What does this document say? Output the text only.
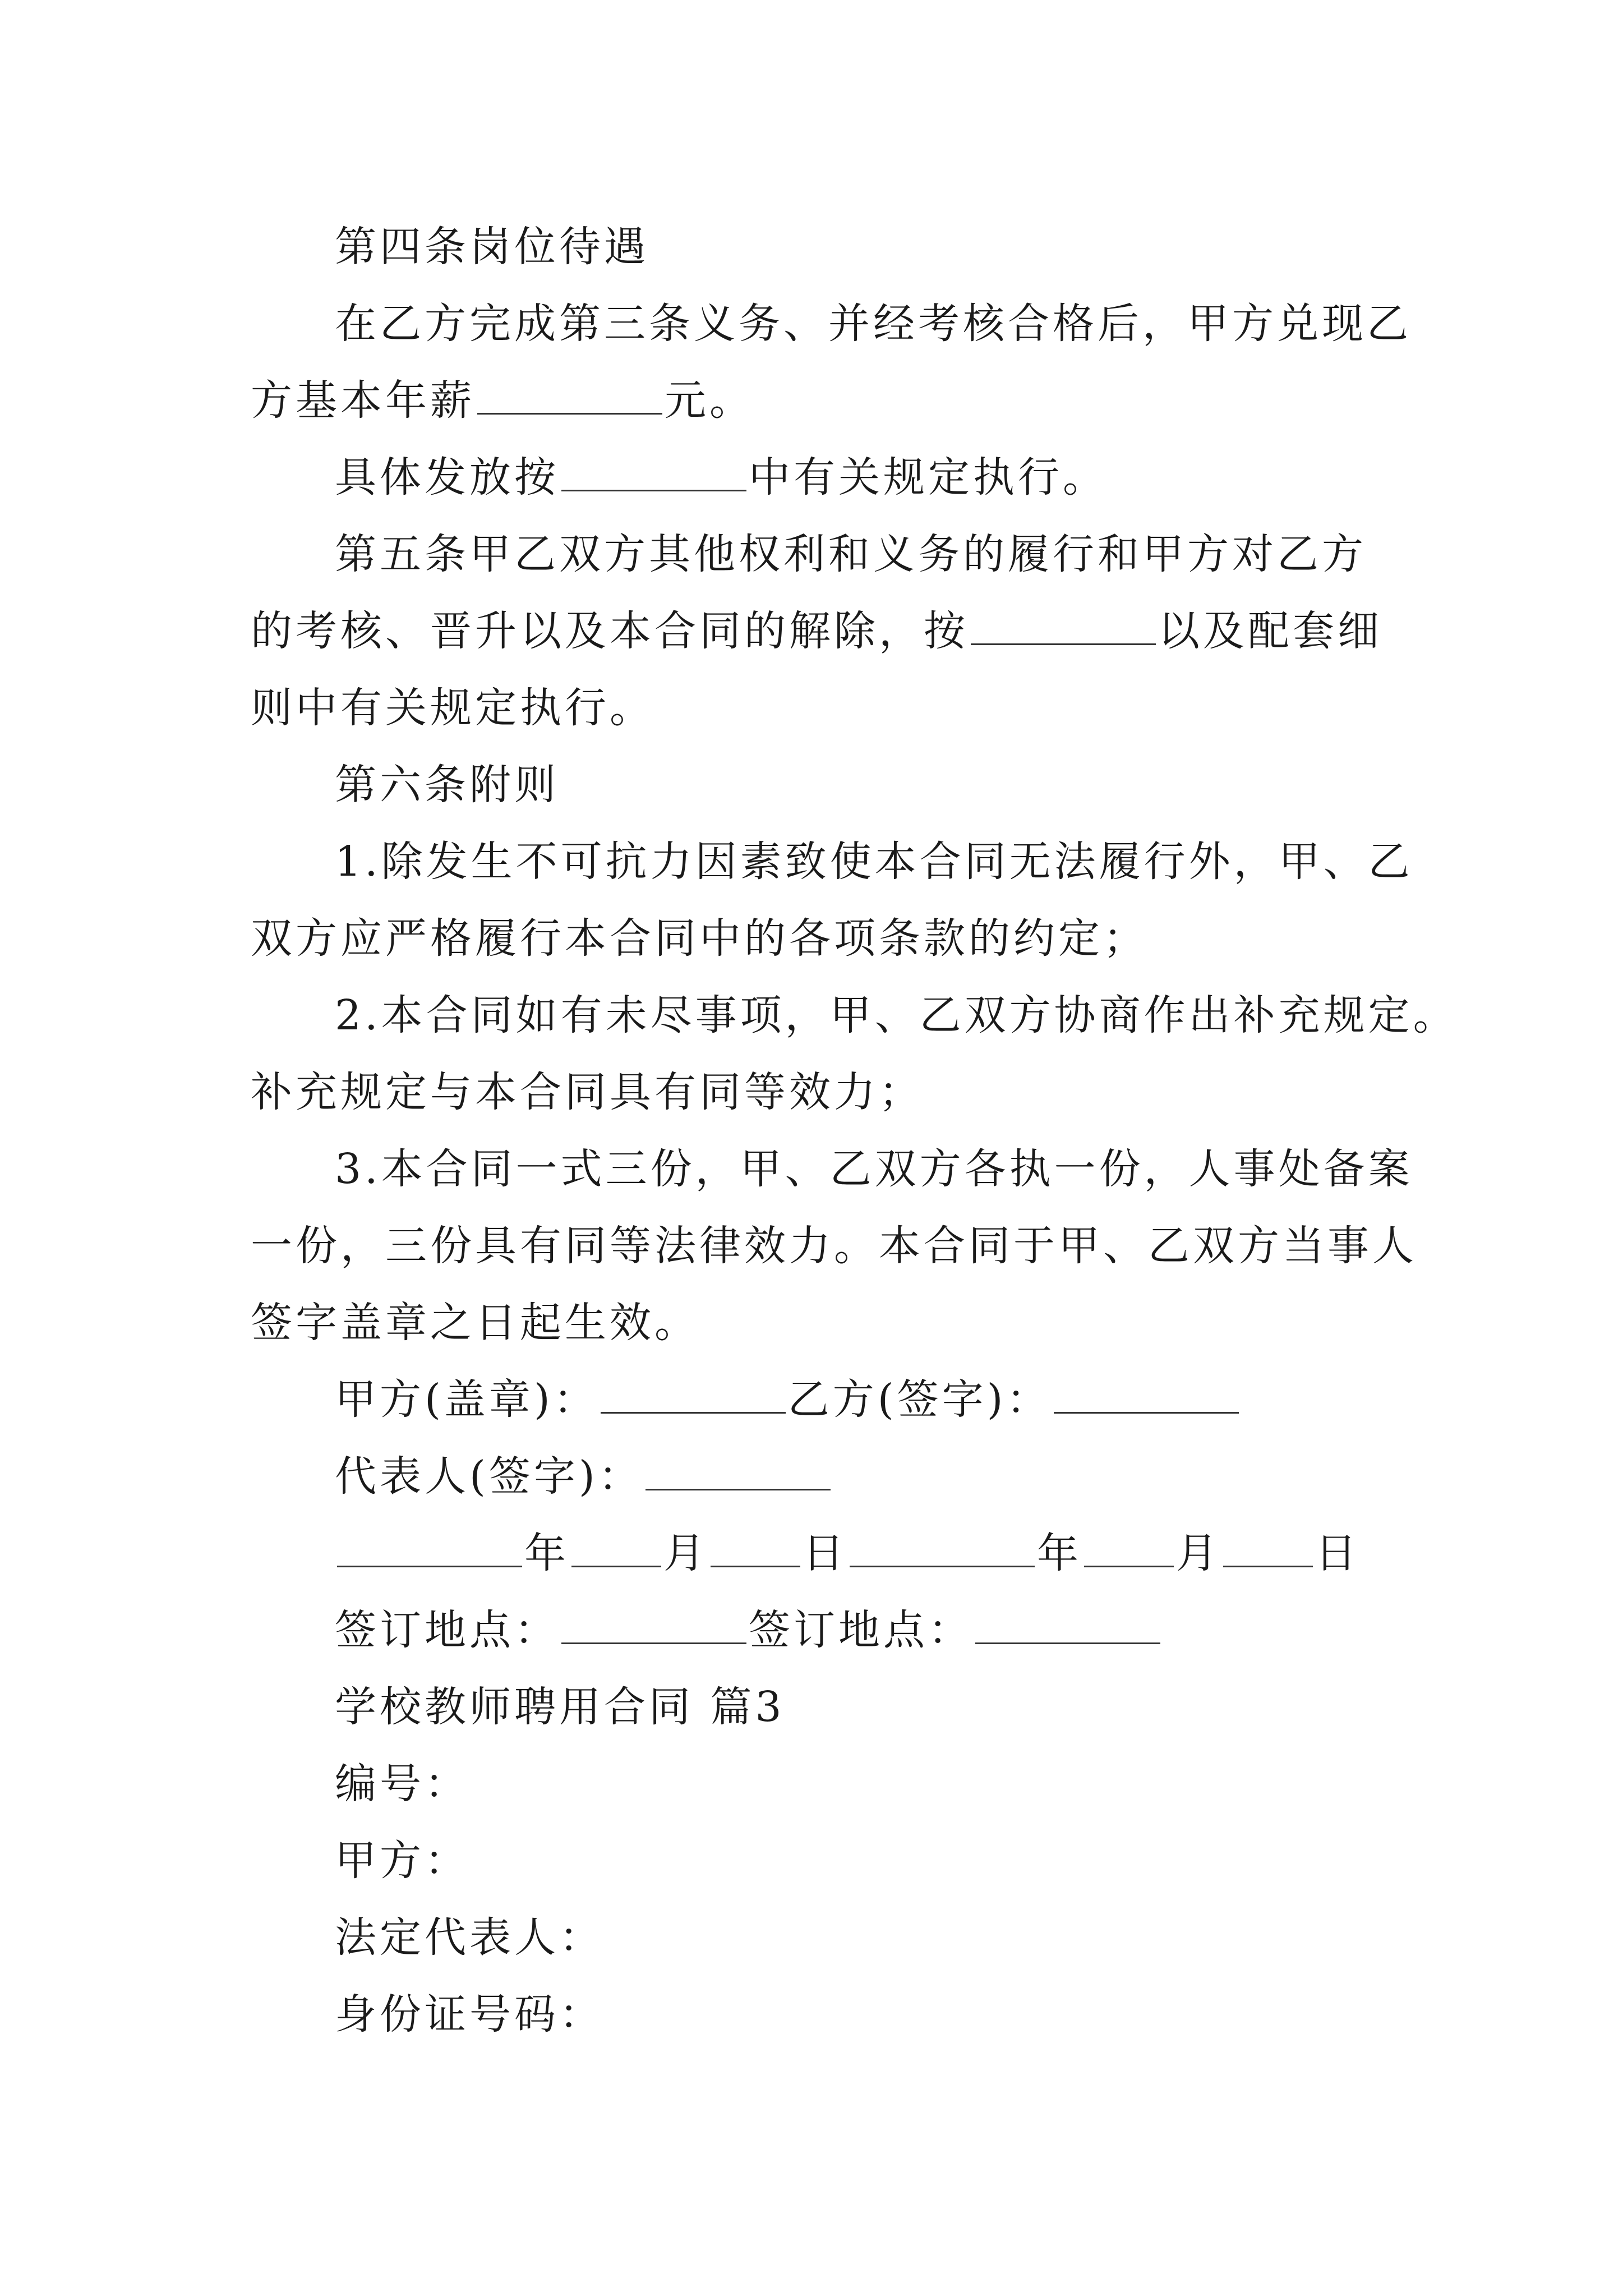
第四条岗位待遇
在乙方完成第三条义务、并经考核合格后，甲方兑现乙
方基本年薪	元。
具体发放按	中有关规定执行。
第五条甲乙双方其他权利和义务的履行和甲方对乙方
的考核、晋升以及本合同的解除，按	以及配套细
则中有关规定执行。
第六条附则
1.除发生不可抗力因素致使本合同无法履行外，甲、乙
双方应严格履行本合同中的各项条款的约定；
2.本合同如有未尽事项，甲、乙双方协商作出补充规定。
补充规定与本合同具有同等效力；
3.本合同一式三份，甲、乙双方各执一份，人事处备案
一份，三份具有同等法律效力。本合同于甲、乙双方当事人
签字盖章之日起生效。
甲方(盖章)：	乙方(签字)：
代表人(签字)：
年 月 日	年 月 日
签订地点：	签订地点：
学校教师聘用合同 篇3
编号：
甲方：
法定代表人：
身份证号码：
